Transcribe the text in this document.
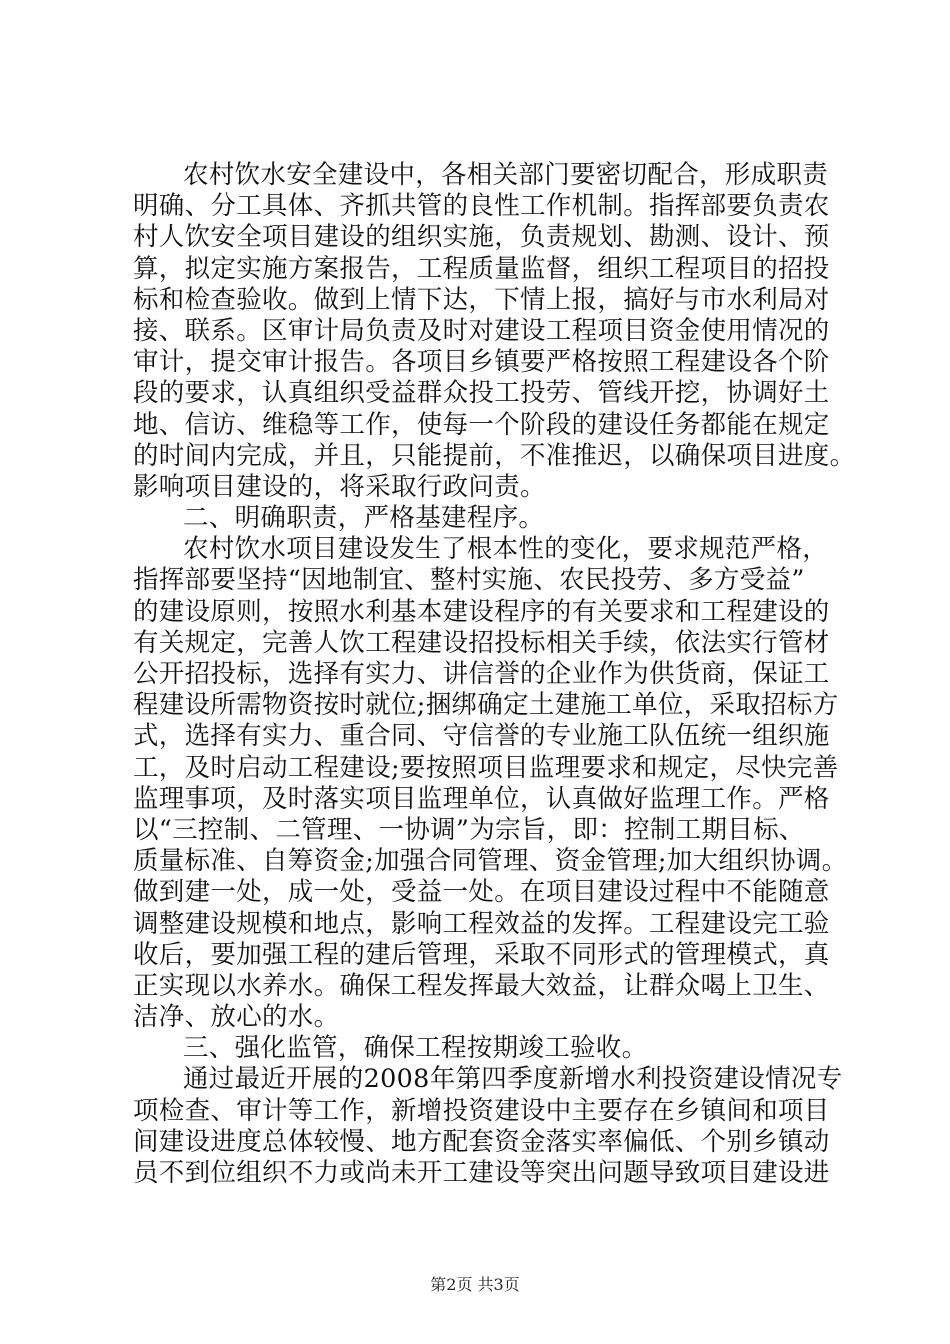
农村饮水安全建设中，各相关部门要密切配合，形成职责
明确、分工具体、齐抓共管的良性工作机制。指挥部要负责农
村人饮安全项目建设的组织实施，负责规划、勘测、设计、预
算，拟定实施方案报告，工程质量监督，组织工程项目的招投
标和检查验收。做到上情下达，下情上报，搞好与市水利局对
接、联系。区审计局负责及时对建设工程项目资金使用情况的
审计，提交审计报告。各项目乡镇要严格按照工程建设各个阶
段的要求，认真组织受益群众投工投劳、管线开挖，协调好土
地、信访、维稳等工作，使每一个阶段的建设任务都能在规定
的时间内完成，并且，只能提前，不准推迟，以确保项目进度。
影响项目建设的，将采取行政问责。
二、明确职责，严格基建程序。
农村饮水项目建设发生了根本性的变化，要求规范严格，
指挥部要坚持“因地制宜、整村实施、农民投劳、多方受益”
的建设原则，按照水利基本建设程序的有关要求和工程建设的
有关规定，完善人饮工程建设招投标相关手续，依法实行管材
公开招投标，选择有实力、讲信誉的企业作为供货商，保证工
程建设所需物资按时就位;捆绑确定土建施工单位，采取招标方
式，选择有实力、重合同、守信誉的专业施工队伍统一组织施
工，及时启动工程建设;要按照项目监理要求和规定，尽快完善
监理事项，及时落实项目监理单位，认真做好监理工作。严格
以“三控制、二管理、一协调”为宗旨，即：控制工期目标、
质量标准、自筹资金;加强合同管理、资金管理;加大组织协调。
做到建一处，成一处，受益一处。在项目建设过程中不能随意
调整建设规模和地点，影响工程效益的发挥。工程建设完工验
收后，要加强工程的建后管理，采取不同形式的管理模式，真
正实现以水养水。确保工程发挥最大效益，让群众喝上卫生、
洁净、放心的水。
三、强化监管，确保工程按期竣工验收。
通过最近开展的2008年第四季度新增水利投资建设情况专
项检查、审计等工作，新增投资建设中主要存在乡镇间和项目
间建设进度总体较慢、地方配套资金落实率偏低、个别乡镇动
员不到位组织不力或尚未开工建设等突出问题导致项目建设进
第2页 共3页
